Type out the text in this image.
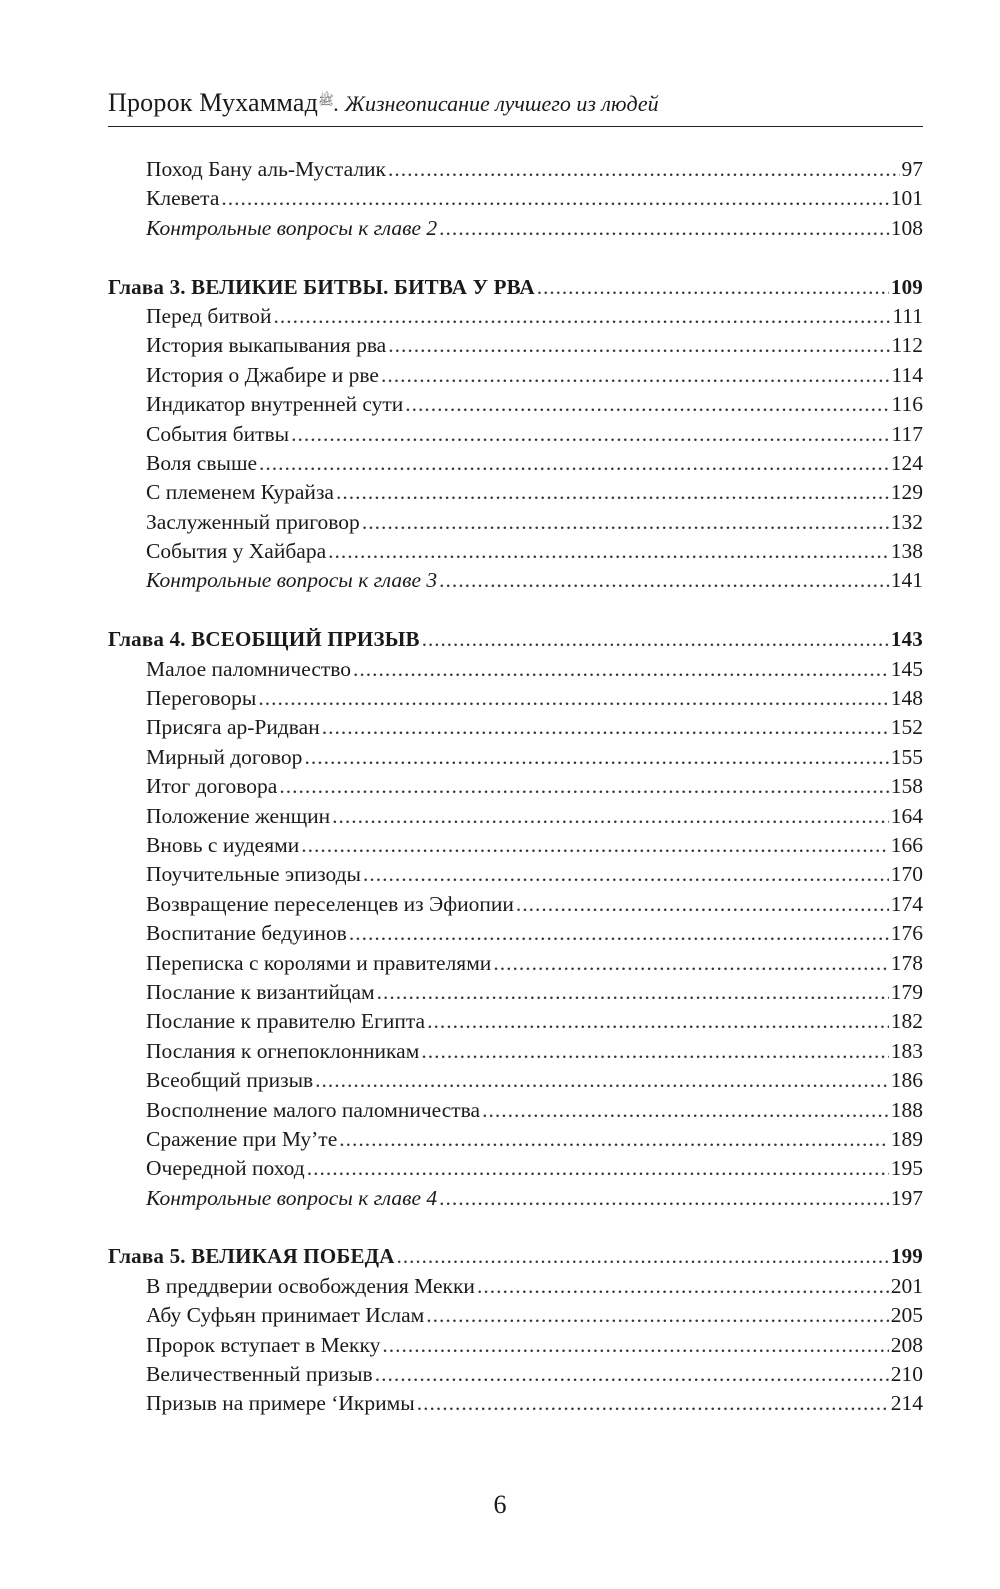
Пророк Мухаммад$^ﷺ$. Жизнеописание лучшего из людей
Поход Бану аль-Мусталик .....	97
Клевета .....	101
Контрольные вопросы к главе 2 .....	108
Глава 3. ВЕЛИКИЕ БИТВЫ. БИТВА У РВА .....	109
Перед битвой .....	111
История выкапывания рва .....	112
История о Джабире и рве .....	114
Индикатор внутренней сути .....	116
События битвы .....	117
Воля свыше .....	124
С племенем Курайза .....	129
Заслуженный приговор .....	132
События у Хайбара .....	138
Контрольные вопросы к главе 3 .....	141
Глава 4. ВСЕОБЩИЙ ПРИЗЫВ .....	143
Малое паломничество .....	145
Переговоры .....	148
Присяга ар-Ридван .....	152
Мирный договор .....	155
Итог договора .....	158
Положение женщин .....	164
Вновь с иудеями .....	166
Поучительные эпизоды .....	170
Возвращение переселенцев из Эфиопии .....	174
Воспитание бедуинов .....	176
Переписка с королями и правителями .....	178
Послание к византийцам .....	179
Послание к правителю Египта .....	182
Послания к огнепоклонникам .....	183
Всеобщий призыв .....	186
Восполнение малого паломничества .....	188
Сражение при Му’те .....	189
Очередной поход .....	195
Контрольные вопросы к главе 4 .....	197
Глава 5. ВЕЛИКАЯ ПОБЕДА .....	199
В преддверии освобождения Мекки .....	201
Абу Суфьян принимает Ислам .....	205
Пророк вступает в Мекку .....	208
Величественный призыв .....	210
Призыв на примере ‘Икримы .....	214
6
